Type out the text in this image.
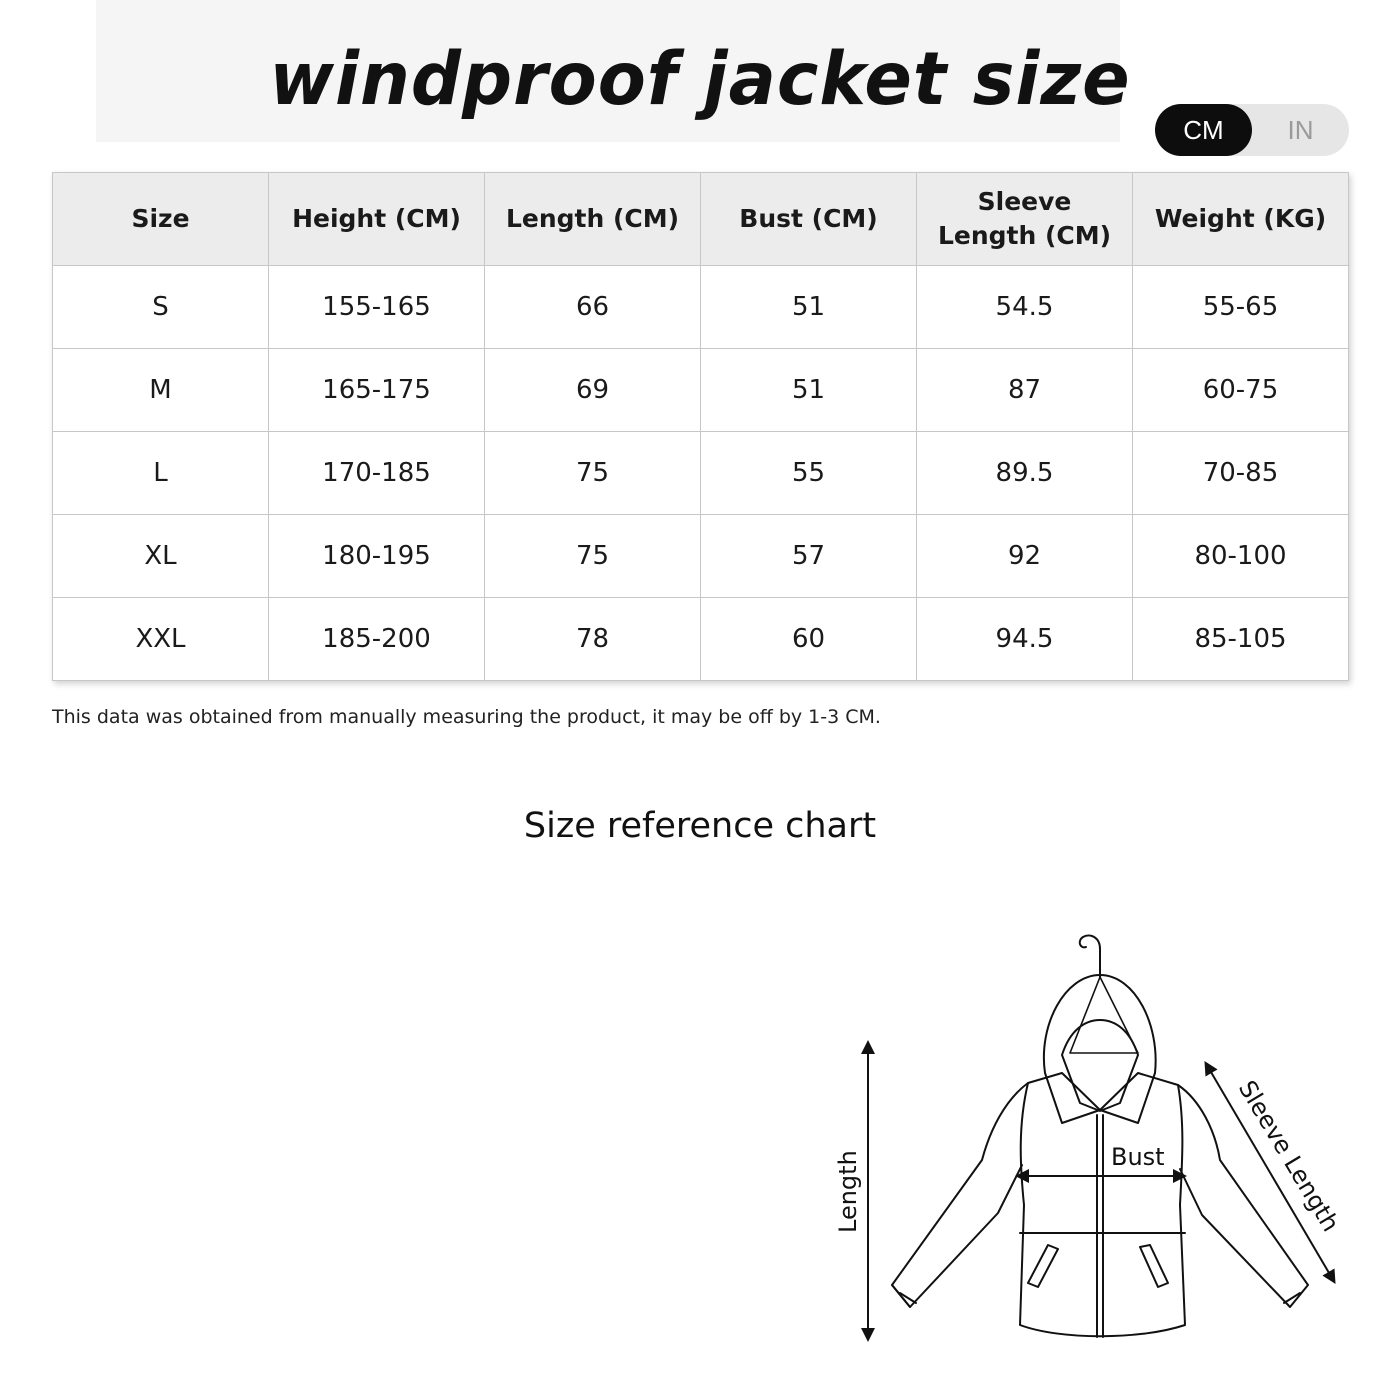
windproof jacket size
CM	IN
Size	Height (CM)	Length (CM)	Bust (CM)	Sleeve Length (CM)	Weight (KG)
S	155-165	66	51	54.5	55-65
M	165-175	69	51	87	60-75
L	170-185	75	55	89.5	70-85
XL	180-195	75	57	92	80-100
XXL	185-200	78	60	94.5	85-105
This data was obtained from manually measuring the product, it may be off by 1-3 CM.
Size reference chart
Length	Bust	Sleeve Length
